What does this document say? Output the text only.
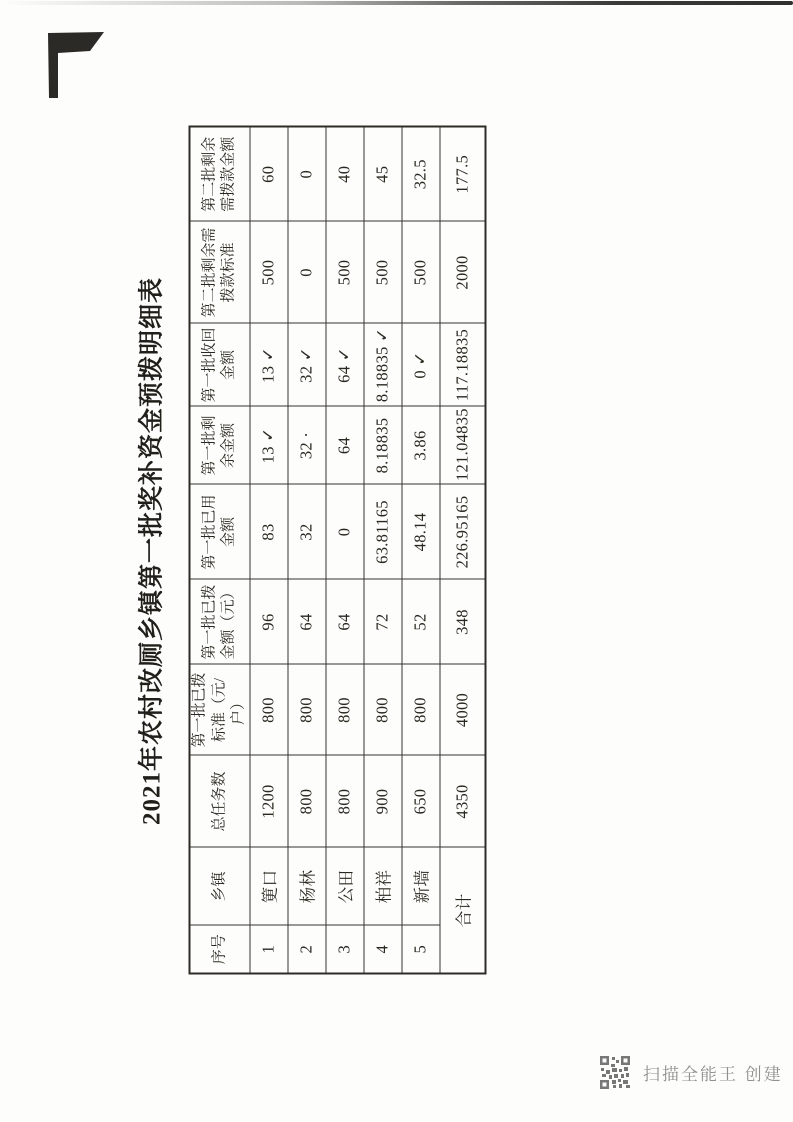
2021年农村改厕乡镇第一批奖补资金预拨明细表
序号	乡镇	总任务数	第一批已拨标准（元/户）	第一批已拨金额（元）	第一批已用金额	第一批剩余金额	第一批收回金额	第二批剩余需拨款标准	第二批剩余需拨款金额
1	筻口	1200	800	96	83	13 ✓	13 ✓	500	60
2	杨林	800	800	64	32	32 ·	32 ✓	0	0
3	公田	800	800	64	0	64	64 ✓	500	40
4	柏祥	900	800	72	63.81165	8.18835	8.18835 ✓	500	45
5	新墙	650	800	52	48.14	3.86	0 ✓	500	32.5
合计		4350	4000	348	226.95165	121.04835	117.18835	2000	177.5
扫描全能王 创建
